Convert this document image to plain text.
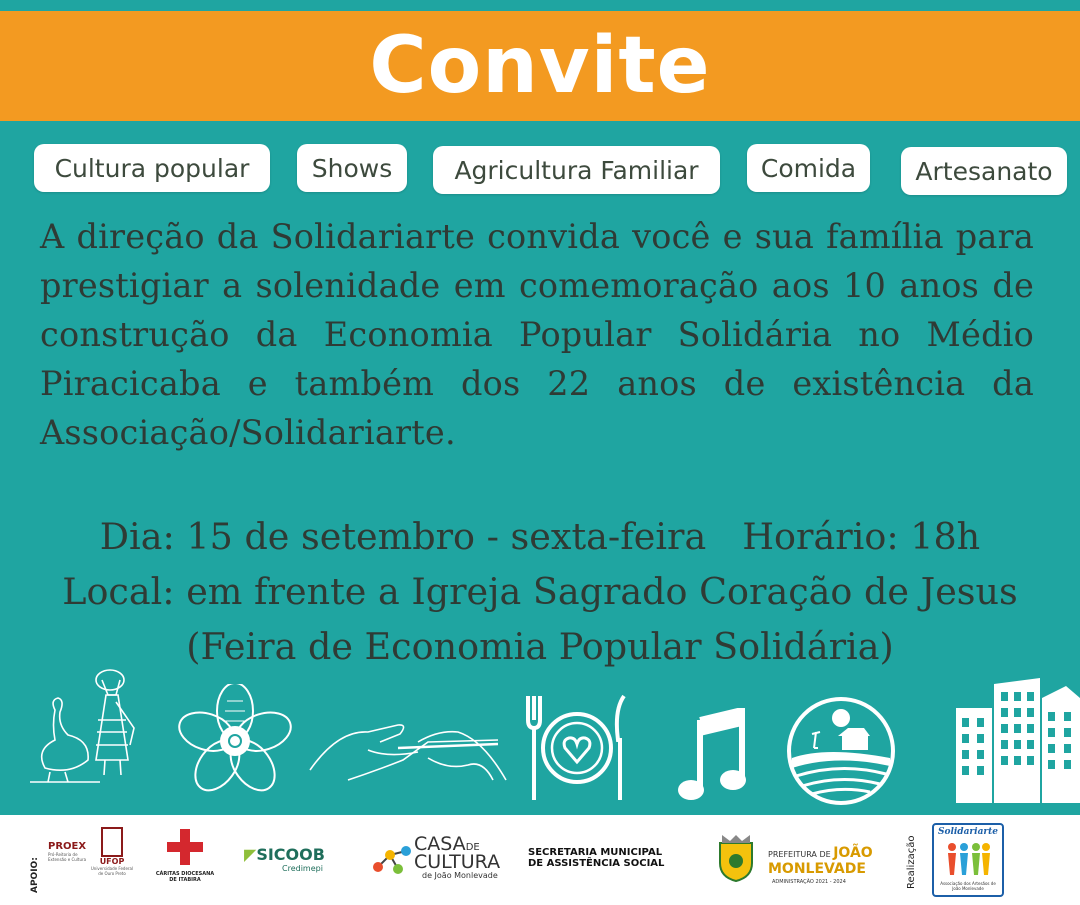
Convite
Cultura popular	Shows	Agricultura Familiar	Comida	Artesanato

A direção da Solidariarte convida você e sua família para prestigiar a solenidade em comemoração aos 10 anos de construção da Economia Popular Solidária no Médio Piracicaba e também dos 22 anos de existência da Associação/Solidariarte.

Dia: 15 de setembro - sexta-feira Horário: 18h
Local: em frente a Igreja Sagrado Coração de Jesus
(Feira de Economia Popular Solidária)
APOIO:
PROEX
Pró-Reitoria de Extensão e Cultura	UFOP
Universidade Federal de Ouro Preto	CÁRITAS DIOCESANA
DE ITABIRA
◤SICOOB
Credimepi
CASADE
CULTURA
de João Monlevade
SECRETARIA MUNICIPAL
DE ASSISTÊNCIA SOCIAL
PREFEITURA DE JOÃO
MONLEVADE
ADMINISTRAÇÃO 2021 - 2024	Realização
Solidariarte
Associação dos Artesãos de João Monlevade
